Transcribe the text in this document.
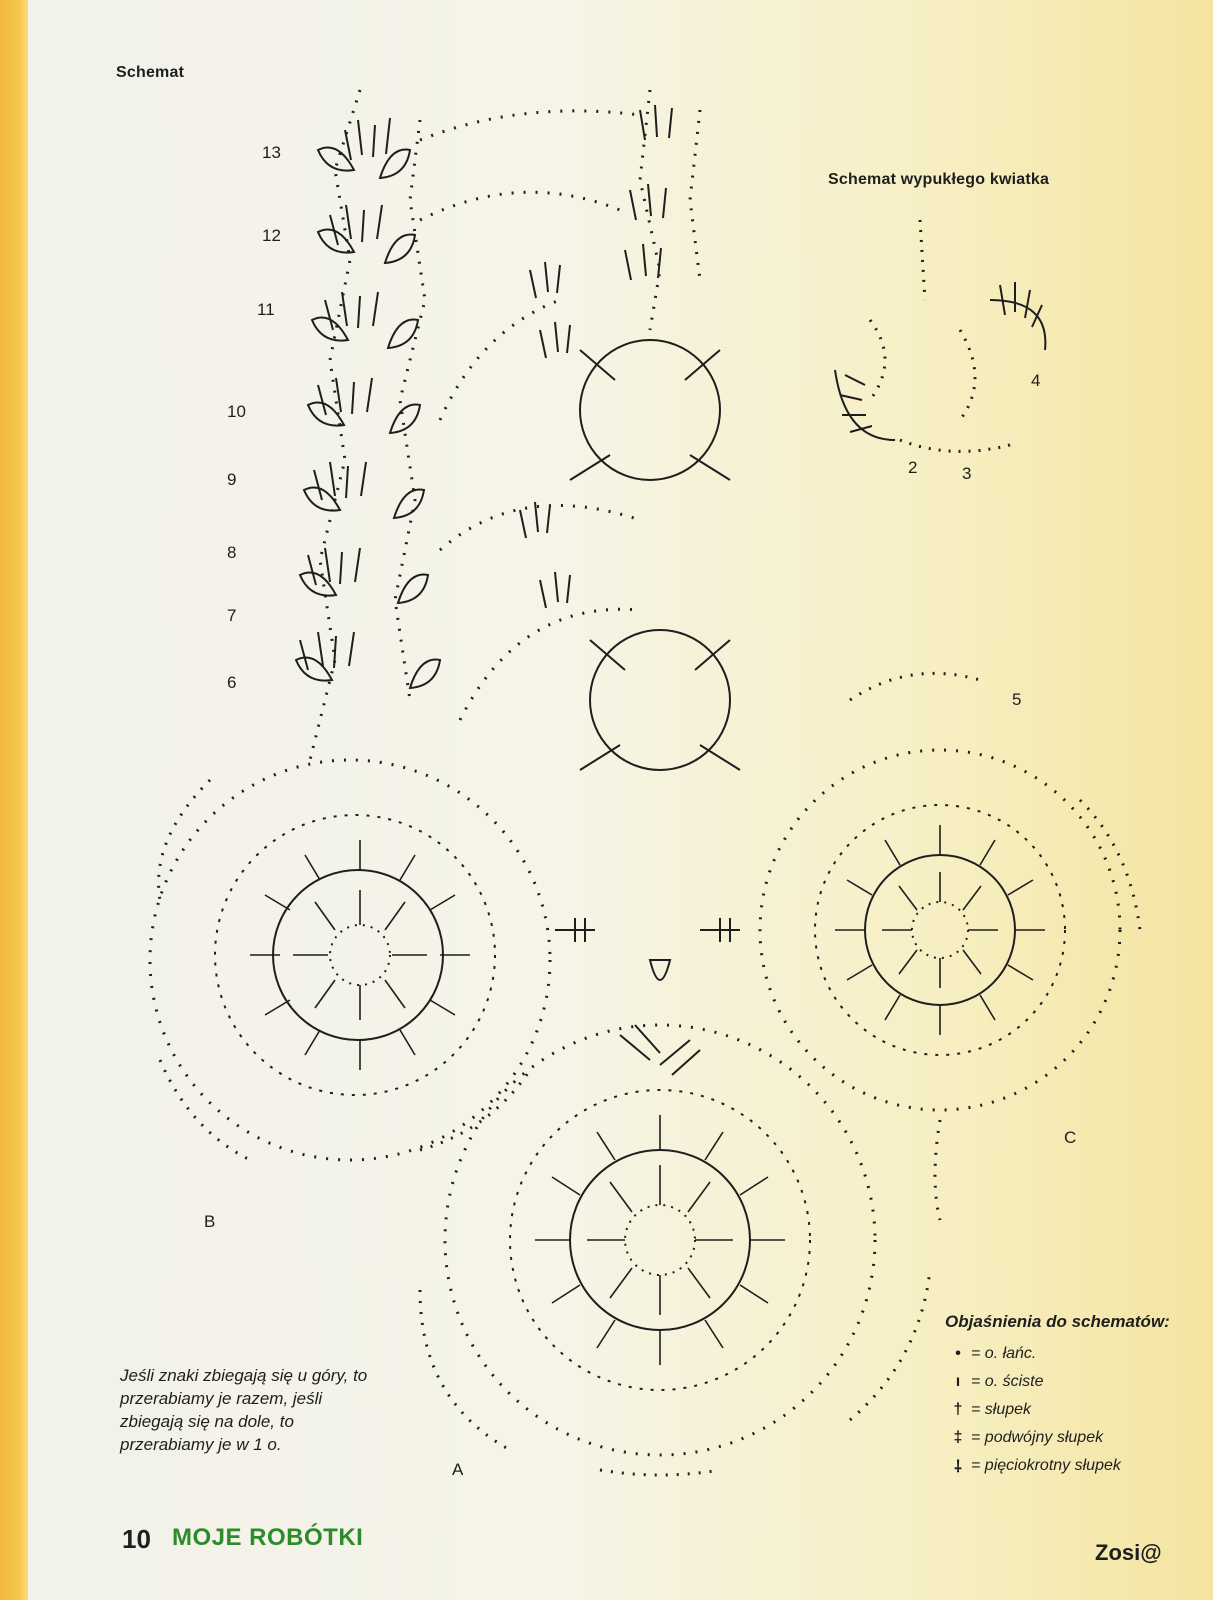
Schemat
Schemat wypukłego kwiatka
13
12
11
10
9
8
7
6
5
2	3
4
A
B
C
Jeśli znaki zbiegają się u góry, to przerabiamy je razem, jeśli zbiegają się na dole, to przerabiamy je w 1 o.
Objaśnienia do schematów:
• = o. łańc.
ı = o. ściste
† = słupek
‡ = podwójny słupek
⸸ = pięciokrotny słupek
10 MOJE ROBÓTKI
Zosi@
